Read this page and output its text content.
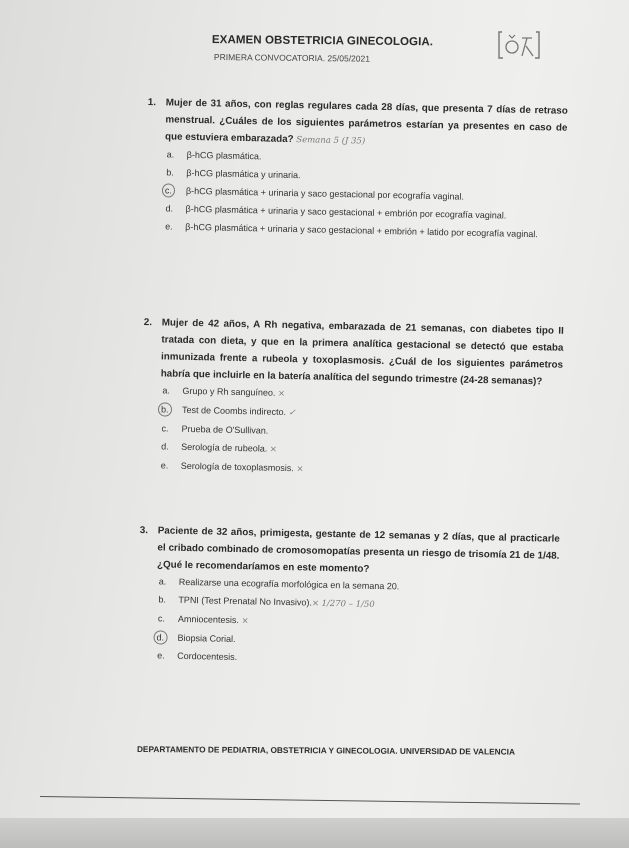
EXAMEN OBSTETRICIA GINECOLOGIA.
PRIMERA CONVOCATORIA. 25/05/2021
1. Mujer de 31 años, con reglas regulares cada 28 días, que presenta 7 días de retraso menstrual. ¿Cuáles de los siguientes parámetros estarían ya presentes en caso de que estuviera embarazada? Semana 5 (J 35)
a. β-hCG plasmática.
b. β-hCG plasmática y urinaria.
c. β-hCG plasmática + urinaria y saco gestacional por ecografía vaginal.
d. β-hCG plasmática + urinaria y saco gestacional + embrión por ecografía vaginal.
e. β-hCG plasmática + urinaria y saco gestacional + embrión + latido por ecografía vaginal.
2. Mujer de 42 años, A Rh negativa, embarazada de 21 semanas, con diabetes tipo II tratada con dieta, y que en la primera analítica gestacional se detectó que estaba inmunizada frente a rubeola y toxoplasmosis. ¿Cuál de los siguientes parámetros habría que incluirle en la batería analítica del segundo trimestre (24-28 semanas)?
a. Grupo y Rh sanguíneo. ×
b. Test de Coombs indirecto. ✓
c. Prueba de O'Sullivan.
d. Serología de rubeola. ×
e. Serología de toxoplasmosis. ×
3. Paciente de 32 años, primigesta, gestante de 12 semanas y 2 días, que al practicarle el cribado combinado de cromosomopatías presenta un riesgo de trisomía 21 de 1/48. ¿Qué le recomendaríamos en este momento?
a. Realizarse una ecografía morfológica en la semana 20.
b. TPNI (Test Prenatal No Invasivo).× 1/270 – 1/50
c. Amniocentesis. ×
d. Biopsia Corial.
e. Cordocentesis.
DEPARTAMENTO DE PEDIATRIA, OBSTETRICIA Y GINECOLOGIA. UNIVERSIDAD DE VALENCIA
